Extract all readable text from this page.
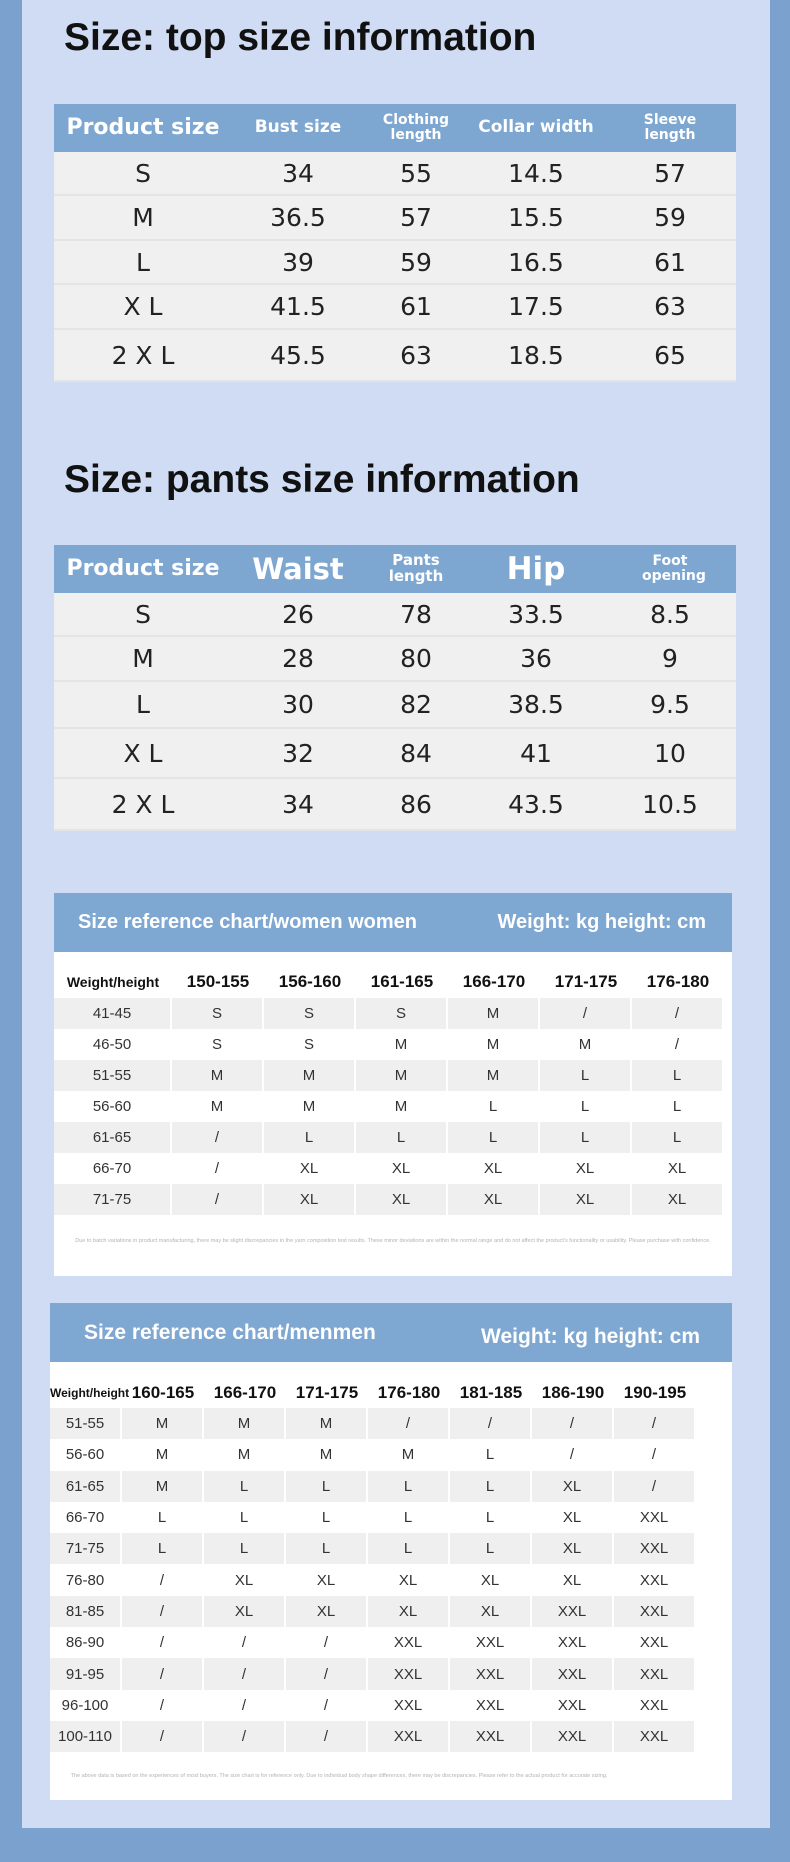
Size: top size information
Product size	Bust size	Clothing length	Collar width	Sleeve length
S	34	55	14.5	57
M	36.5	57	15.5	59
L	39	59	16.5	61
X L	41.5	61	17.5	63
2 X L	45.5	63	18.5	65
Size: pants size information
Product size	Waist	Pants length	Hip	Foot opening
S	26	78	33.5	8.5
M	28	80	36	9
L	30	82	38.5	9.5
X L	32	84	41	10
2 X L	34	86	43.5	10.5
Size reference chart/women women	Weight: kg height: cm
Weight/height	150-155	156-160	161-165	166-170	171-175	176-180
41-45	S	S	S	M	/	/
46-50	S	S	M	M	M	/
51-55	M	M	M	M	L	L
56-60	M	M	M	L	L	L
61-65	/	L	L	L	L	L
66-70	/	XL	XL	XL	XL	XL
71-75	/	XL	XL	XL	XL	XL
Due to batch variations in product manufacturing, there may be slight discrepancies in the yarn composition test results. These minor deviations are within the normal range and do not affect the product's functionality or usability. Please purchase with confidence.
Size reference chart/menmen	Weight: kg height: cm
Weight/height 160-165	166-170	171-175	176-180	181-185	186-190	190-195
51-55	M	M	M	/	/	/	/
56-60	M	M	M	M	L	/	/
61-65	M	L	L	L	L	XL	/
66-70	L	L	L	L	L	XL	XXL
71-75	L	L	L	L	L	XL	XXL
76-80	/	XL	XL	XL	XL	XL	XXL
81-85	/	XL	XL	XL	XL	XXL	XXL
86-90	/	/	/	XXL	XXL	XXL	XXL
91-95	/	/	/	XXL	XXL	XXL	XXL
96-100	/	/	/	XXL	XXL	XXL	XXL
100-110	/	/	/	XXL	XXL	XXL	XXL
The above data is based on the experiences of most buyers. The size chart is for reference only. Due to individual body shape differences, there may be discrepancies. Please refer to the actual product for accurate sizing.
